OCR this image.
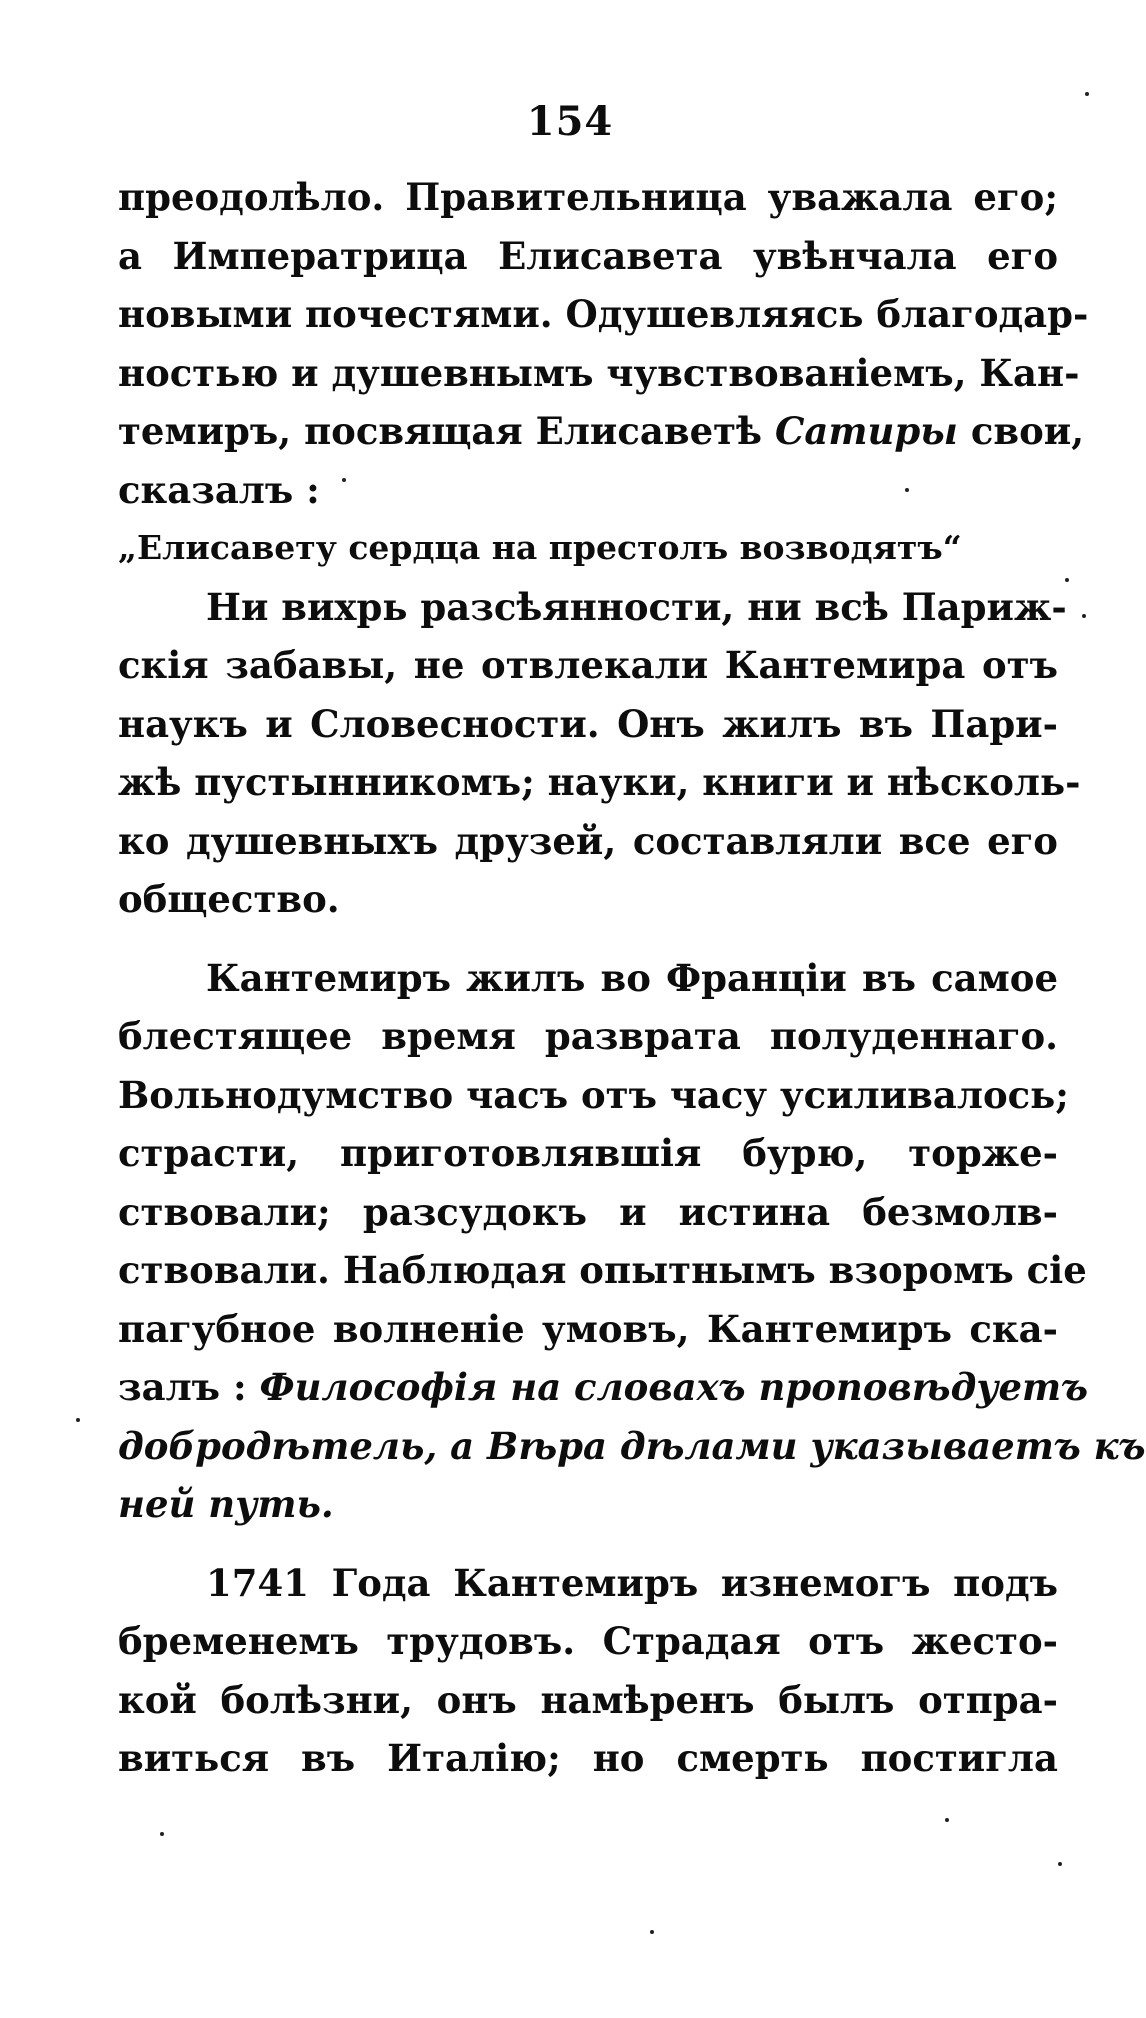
154
преодолѣло. Правительница уважала его;
а Императрица Елисавета увѣнчала его
новыми почестями. Одушевляясь благодар-
ностью и душевнымъ чувствованіемъ, Кан-
темиръ, посвящая Елисаветѣ Сатиры свои,
сказалъ :
„Елисавету сердца на престолъ возводятъ“
Ни вихрь разсѣянности, ни всѣ Париж-
скія забавы, не отвлекали Кантемира отъ
наукъ и Словесности. Онъ жилъ въ Пари-
жѣ пустынникомъ; науки, книги и нѣсколь-
ко душевныхъ друзей, составляли все его
общество.
Кантемиръ жилъ во Франціи въ самое
блестящее время разврата полуденнаго.
Вольнодумство часъ отъ часу усиливалось;
страсти, приготовлявшія бурю, торже-
ствовали; разсудокъ и истина безмолв-
ствовали. Наблюдая опытнымъ взоромъ сіе
пагубное волненіе умовъ, Кантемиръ ска-
залъ : Философія на словахъ проповѣдуетъ
добродѣтель, а Вѣра дѣлами указываетъ къ
ней путь.
1741 Года Кантемиръ изнемогъ подъ
бременемъ трудовъ. Страдая отъ жесто-
кой болѣзни, онъ намѣренъ былъ отпра-
виться въ Италію; но смерть постигла
